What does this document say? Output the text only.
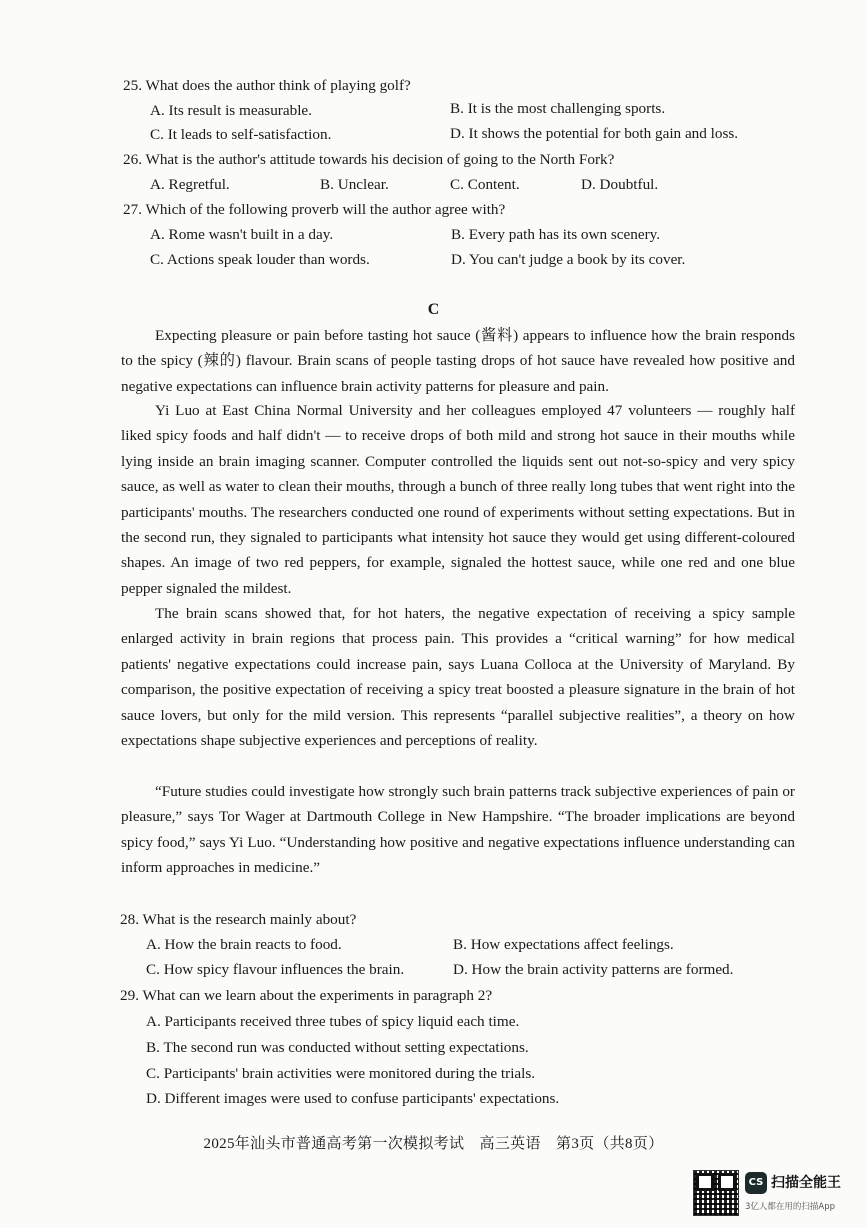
25. What does the author think of playing golf?
A. Its result is measurable.	B. It is the most challenging sports.
C. It leads to self-satisfaction.	D. It shows the potential for both gain and loss.
26. What is the author's attitude towards his decision of going to the North Fork?
A. Regretful.	B. Unclear.	C. Content.	D. Doubtful.
27. Which of the following proverb will the author agree with?
A. Rome wasn't built in a day.	B. Every path has its own scenery.
C. Actions speak louder than words.	D. You can't judge a book by its cover.
C
Expecting pleasure or pain before tasting hot sauce (酱料) appears to influence how the brain responds to the spicy (辣的) flavour. Brain scans of people tasting drops of hot sauce have revealed how positive and negative expectations can influence brain activity patterns for pleasure and pain.
Yi Luo at East China Normal University and her colleagues employed 47 volunteers — roughly half liked spicy foods and half didn't — to receive drops of both mild and strong hot sauce in their mouths while lying inside an brain imaging scanner. Computer controlled the liquids sent out not-so-spicy and very spicy sauce, as well as water to clean their mouths, through a bunch of three really long tubes that went right into the participants' mouths. The researchers conducted one round of experiments without setting expectations. But in the second run, they signaled to participants what intensity hot sauce they would get using different-coloured shapes. An image of two red peppers, for example, signaled the hottest sauce, while one red and one blue pepper signaled the mildest.
The brain scans showed that, for hot haters, the negative expectation of receiving a spicy sample enlarged activity in brain regions that process pain. This provides a “critical warning” for how medical patients' negative expectations could increase pain, says Luana Colloca at the University of Maryland. By comparison, the positive expectation of receiving a spicy treat boosted a pleasure signature in the brain of hot sauce lovers, but only for the mild version. This represents “parallel subjective realities”, a theory on how expectations shape subjective experiences and perceptions of reality.
“Future studies could investigate how strongly such brain patterns track subjective experiences of pain or pleasure,” says Tor Wager at Dartmouth College in New Hampshire. “The broader implications are beyond spicy food,” says Yi Luo. “Understanding how positive and negative expectations influence understanding can inform approaches in medicine.”
28. What is the research mainly about?
A. How the brain reacts to food.	B. How expectations affect feelings.
C. How spicy flavour influences the brain.	D. How the brain activity patterns are formed.
29. What can we learn about the experiments in paragraph 2?
A. Participants received three tubes of spicy liquid each time.
B. The second run was conducted without setting expectations.
C. Participants' brain activities were monitored during the trials.
D. Different images were used to confuse participants' expectations.
2025年汕头市普通高考第一次模拟考试　高三英语　第3页（共8页）
CS 扫描全能王
3亿人都在用的扫描App
